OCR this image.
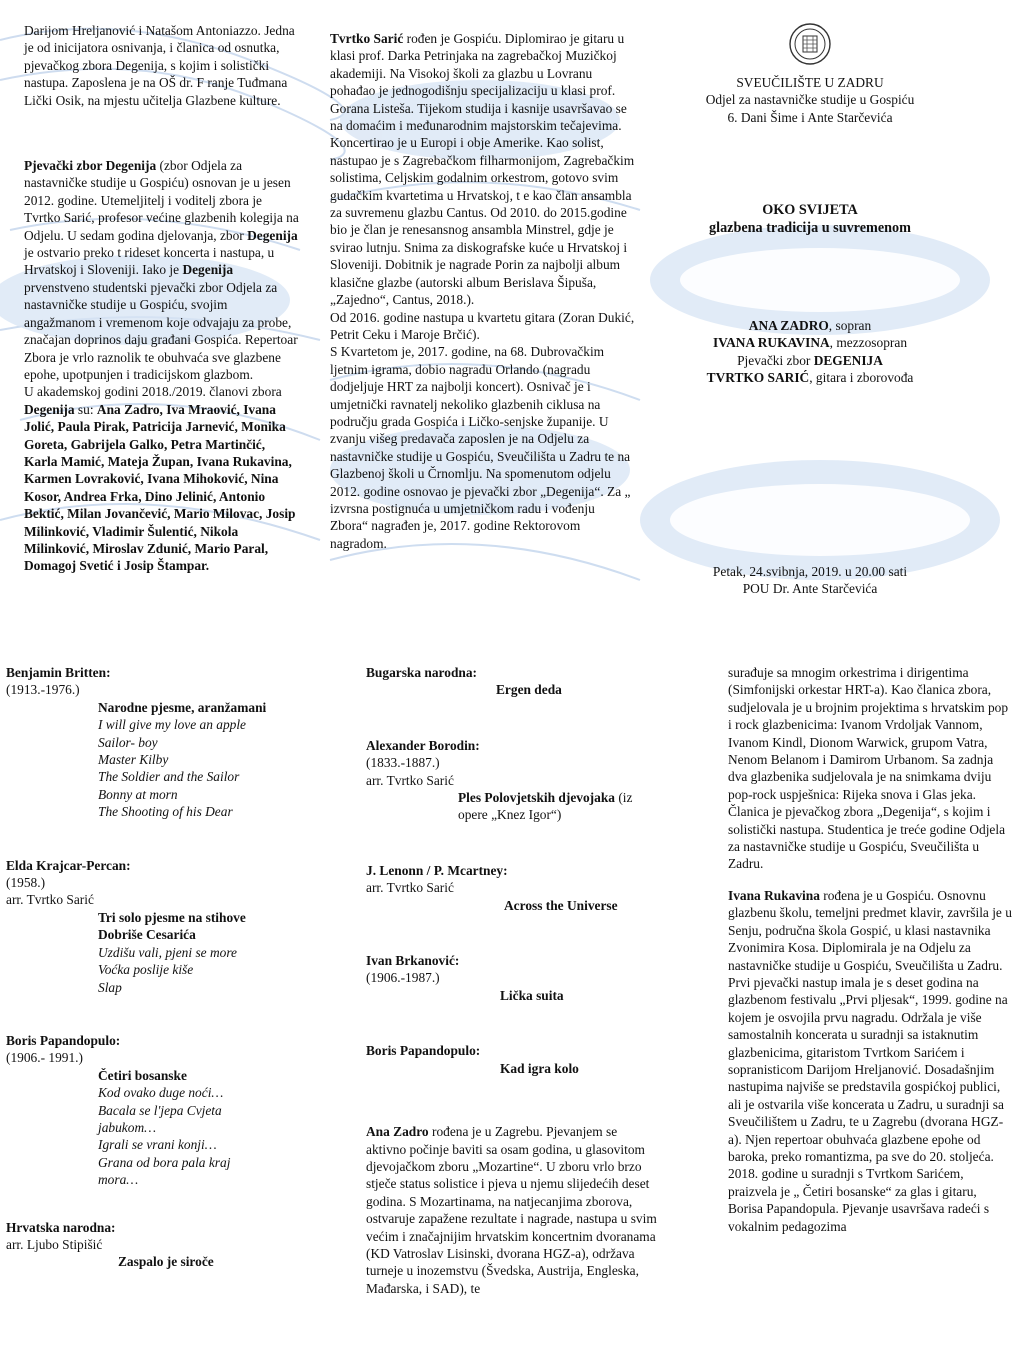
Darijom Hreljanović i Natašom Antoniazzo. Jedna je od inicijatora osnivanja, i članica od osnutka, pjevačkog zbora Degenija, s kojim i solistički nastupa. Zaposlena je na OŠ dr. F ranje Tuđmana Lički Osik, na mjestu učitelja Glazbene kulture.

Pjevački zbor Degenija (zbor Odjela za nastavničke studije u Gospiću) osnovan je u jesen 2012. godine. Utemeljitelj i voditelj zbora je Tvrtko Sarić, profesor većine glazbenih kolegija na Odjelu. U sedam godina djelovanja, zbor Degenija je ostvario preko t rideset koncerta i nastupa, u Hrvatskoj i Sloveniji. Iako je Degenija prvenstveno studentski pjevački zbor Odjela za nastavničke studije u Gospiću, svojim angažmanom i vremenom koje odvajaju za probe, značajan doprinos daju građani Gospića. Repertoar Zbora je vrlo raznolik te obuhvaća sve glazbene epohe, upotpunjen i tradicijskom glazbom.

U akademskoj godini 2018./2019. članovi zbora Degenija su: Ana Zadro, Iva Mraović, Ivana Jolić, Paula Pirak, Patricija Jarnević, Monika Goreta, Gabrijela Galko, Petra Martinčić, Karla Mamić, Mateja Župan, Ivana Rukavina, Karmen Lovraković, Ivana Mihoković, Nina Kosor, Andrea Frka, Dino Jelinić, Antonio Bektić, Milan Jovančević, Mario Milovac, Josip Milinković, Vladimir Šulentić, Nikola Milinković, Miroslav Zdunić, Mario Paral, Domagoj Svetić i Josip Štampar.

Tvrtko Sarić rođen je Gospiću. Diplomirao je gitaru u klasi prof. Darka Petrinjaka na zagrebačkoj Muzičkoj akademiji. Na Visokoj školi za glazbu u Lovranu pohađao je jednogodišnju specijalizaciju u klasi prof. Gorana Listeša. Tijekom studija i kasnije usavršavao se na domaćim i međunarodnim majstorskim tečajevima. Koncertirao je u Europi i obje Amerike. Kao solist, nastupao je s Zagrebačkom filharmonijom, Zagrebačkim solistima, Celjskim godalnim orkestrom, gotovo svim gudačkim kvartetima u Hrvatskoj, t e kao član ansambla za suvremenu glazbu Cantus. Od 2010. do 2015.godine bio je član je renesansnog ansambla Minstrel, gdje je svirao lutnju. Snima za diskografske kuće u Hrvatskoj i Sloveniji. Dobitnik je nagrade Porin za najbolji album klasične glazbe (autorski album Berislava Šipuša, „Zajedno“, Cantus, 2018.).

Od 2016. godine nastupa u kvartetu gitara (Zoran Dukić, Petrit Ceku i Maroje Brčić).

S Kvartetom je, 2017. godine, na 68. Dubrovačkim ljetnim igrama, dobio nagradu Orlando (nagradu dodjeljuje HRT za najbolji koncert). Osnivač je i umjetnički ravnatelj nekoliko glazbenih ciklusa na području grada Gospića i Ličko-senjske županije. U zvanju višeg predavača zaposlen je na Odjelu za nastavničke studije u Gospiću, Sveučilišta u Zadru te na Glazbenoj školi u Črnomlju. Na spomenutom odjelu 2012. godine osnovao je pjevački zbor „Degenija“. Za „ izvrsna postignuća u umjetničkom radu i vođenju Zbora“ nagrađen je, 2017. godine Rektorovom nagradom.

SVEUČILIŠTE U ZADRU
Odjel za nastavničke studije u Gospiću
6. Dani Šime i Ante Starčevića
OKO SVIJETA
glazbena tradicija u suvremenom
ANA ZADRO, sopran
IVANA RUKAVINA, mezzosopran
Pjevački zbor DEGENIJA
TVRTKO SARIĆ, gitara i zborovođa
Petak, 24.svibnja, 2019. u 20.00 sati
POU Dr. Ante Starčevića
Benjamin Britten:
(1913.-1976.)
Narodne pjesme, aranžamani
I will give my love an apple
Sailor- boy
Master Kilby
The Soldier and the Sailor
Bonny at morn
The Shooting of his Dear
Elda Krajcar-Percan:
(1958.)
arr. Tvrtko Sarić
Tri solo pjesme na stihove
Dobriše Cesarića
Uzdišu vali, pjeni se more
Voćka poslije kiše
Slap
Boris Papandopulo:
(1906.- 1991.)
Četiri bosanske
Kod ovako duge noći…
Bacala se l'jepa Cvjeta
jabukom…
Igrali se vrani konji…
Grana od bora pala kraj
mora…
Hrvatska narodna:
arr. Ljubo Stipišić
Zaspalo je siroče
Bugarska narodna:
Ergen deda
Alexander Borodin:
(1833.-1887.)
arr. Tvrtko Sarić
Ples Polovjetskih djevojaka (iz
opere „Knez Igor“)
J. Lenonn / P. Mcartney:
arr. Tvrtko Sarić
Across the Universe
Ivan Brkanović:
(1906.-1987.)
Lička suita
Boris Papandopulo:
Kad igra kolo

Ana Zadro rođena je u Zagrebu. Pjevanjem se aktivno počinje baviti sa osam godina, u glasovitom djevojačkom zboru „Mozartine“. U zboru vrlo brzo stječe status solistice i pjeva u njemu slijedećih deset godina. S Mozartinama, na natjecanjima zborova, ostvaruje zapažene rezultate i nagrade, nastupa u svim većim i značajnijim hrvatskim koncertnim dvoranama (KD Vatroslav Lisinski, dvorana HGZ-a), održava turneje u inozemstvu (Švedska, Austrija, Engleska, Mađarska, i SAD), te

surađuje sa mnogim orkestrima i dirigentima (Simfonijski orkestar HRT-a). Kao članica zbora, sudjelovala je u brojnim projektima s hrvatskim pop i rock glazbenicima: Ivanom Vrdoljak Vannom, Ivanom Kindl, Dionom Warwick, grupom Vatra, Nenom Belanom i Damirom Urbanom. Sa zadnja dva glazbenika sudjelovala je na snimkama dviju pop-rock uspješnica: Rijeka snova i Glas jeka. Članica je pjevačkog zbora „Degenija“, s kojim i solistički nastupa. Studentica je treće godine Odjela za nastavničke studije u Gospiću, Sveučilišta u Zadru.

Ivana Rukavina rođena je u Gospiću. Osnovnu glazbenu školu, temeljni predmet klavir, završila je u Senju, područna škola Gospić, u klasi nastavnika Zvonimira Kosa. Diplomirala je na Odjelu za nastavničke studije u Gospiću, Sveučilišta u Zadru. Prvi pjevački nastup imala je s deset godina na glazbenom festivalu „Prvi pljesak“, 1999. godine na kojem je osvojila prvu nagradu. Održala je više samostalnih koncerata u suradnji sa istaknutim glazbenicima, gitaristom Tvrtkom Sarićem i sopranisticom Darijom Hreljanović. Dosadašnjim nastupima najviše se predstavila gospićkoj publici, ali je ostvarila više koncerata u Zadru, u suradnji sa Sveučilištem u Zadru, te u Zagrebu (dvorana HGZ-a). Njen repertoar obuhvaća glazbene epohe od baroka, preko romantizma, pa sve do 20. stoljeća. 2018. godine u suradnji s Tvrtkom Sarićem, praizvela je „ Četiri bosanske“ za glas i gitaru, Borisa Papandopula. Pjevanje usavršava radeći s vokalnim pedagozima
